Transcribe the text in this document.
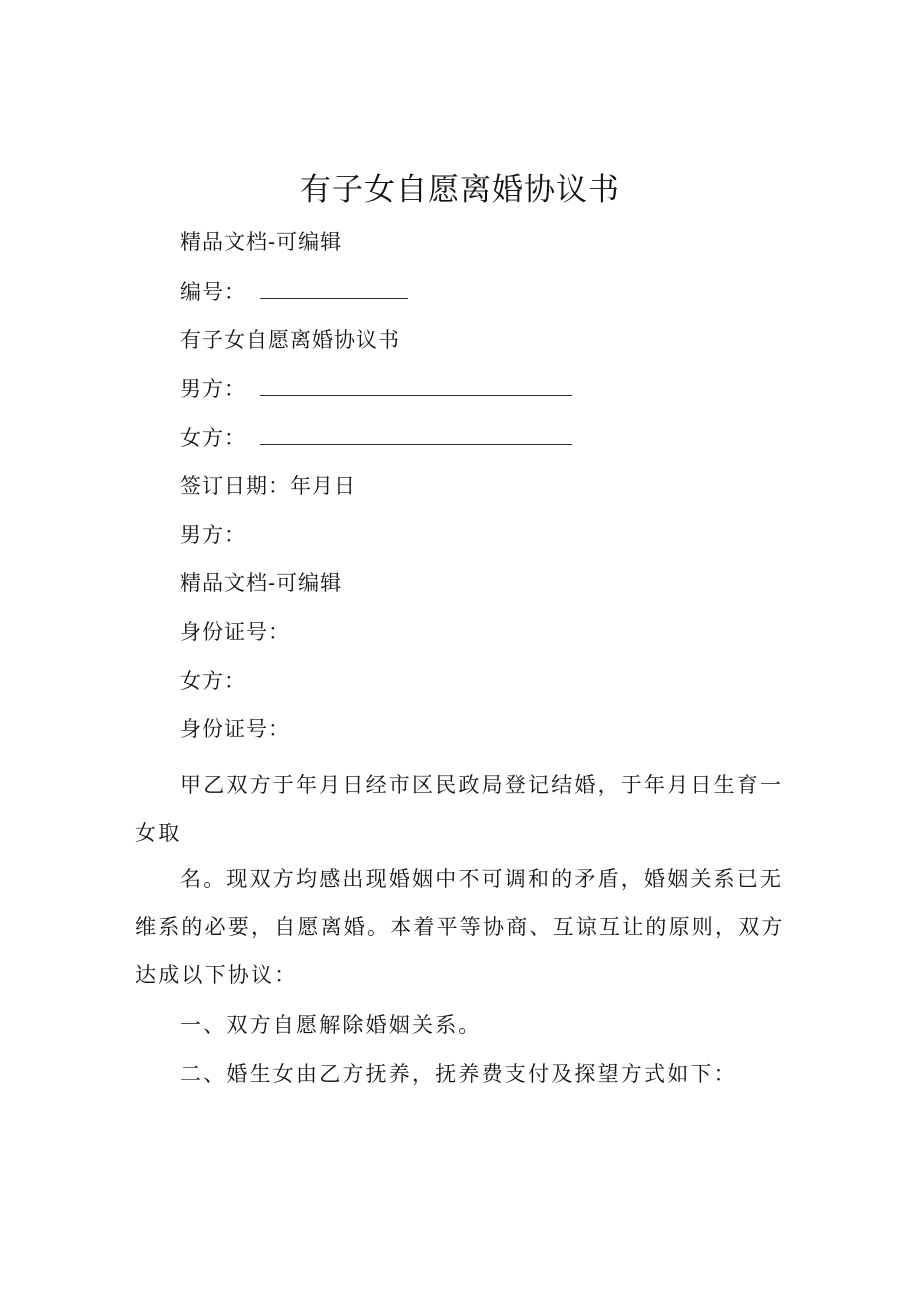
有子女自愿离婚协议书
精品文档-可编辑
编号：
有子女自愿离婚协议书
男方：
女方：
签订日期：年月日
男方：
精品文档-可编辑
身份证号：
女方：
身份证号：
甲乙双方于年月日经市区民政局登记结婚，于年月日生育一女取
名。现双方均感出现婚姻中不可调和的矛盾，婚姻关系已无维系的必要，自愿离婚。本着平等协商、互谅互让的原则，双方达成以下协议：
一、双方自愿解除婚姻关系。
二、婚生女由乙方抚养，抚养费支付及探望方式如下：
